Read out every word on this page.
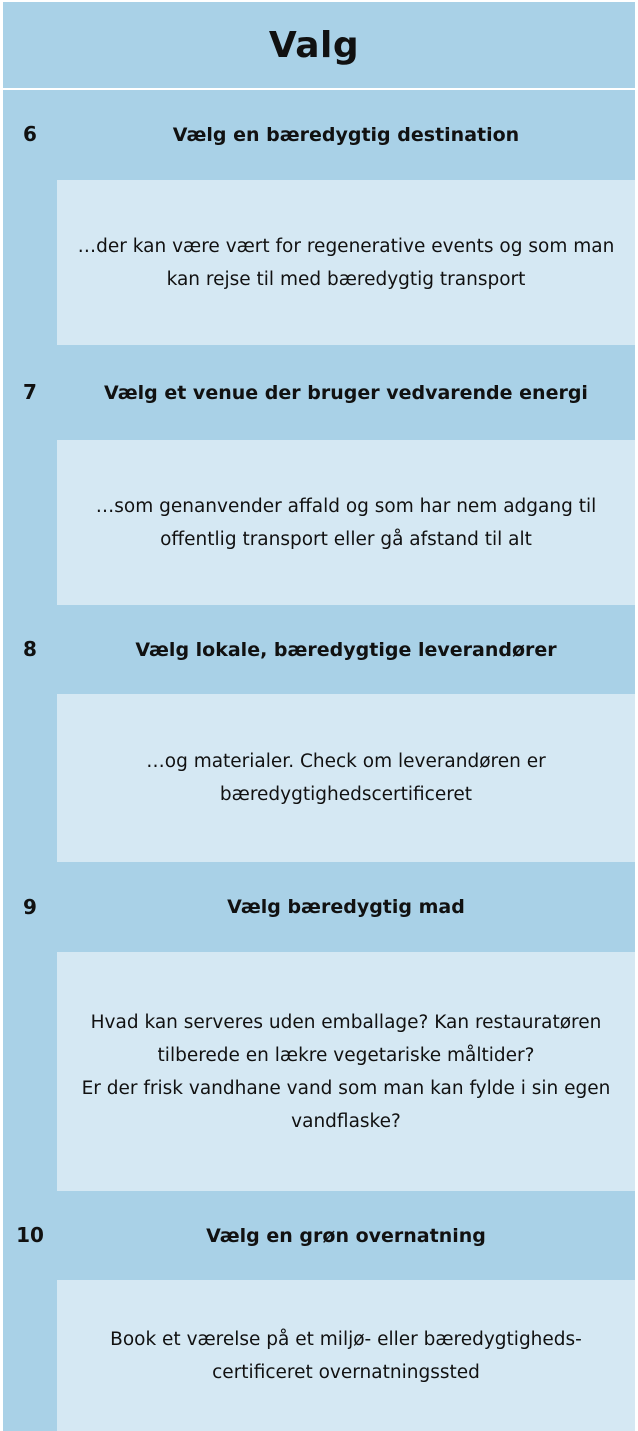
Valg
6	Vælg en bæredygtig destination
…der kan være vært for regenerative events og som man kan rejse til med bæredygtig transport
7	Vælg et venue der bruger vedvarende energi
…som genanvender affald og som har nem adgang til offentlig transport eller gå afstand til alt
8	Vælg lokale, bæredygtige leverandører
…og materialer. Check om leverandøren er bæredygtighedscertificeret
9	Vælg bæredygtig mad
Hvad kan serveres uden emballage? Kan restauratøren tilberede en lækre vegetariske måltider?
Er der frisk vandhane vand som man kan fylde i sin egen vandflaske?
10	Vælg en grøn overnatning
Book et værelse på et miljø- eller bæredygtigheds-certificeret overnatningssted
